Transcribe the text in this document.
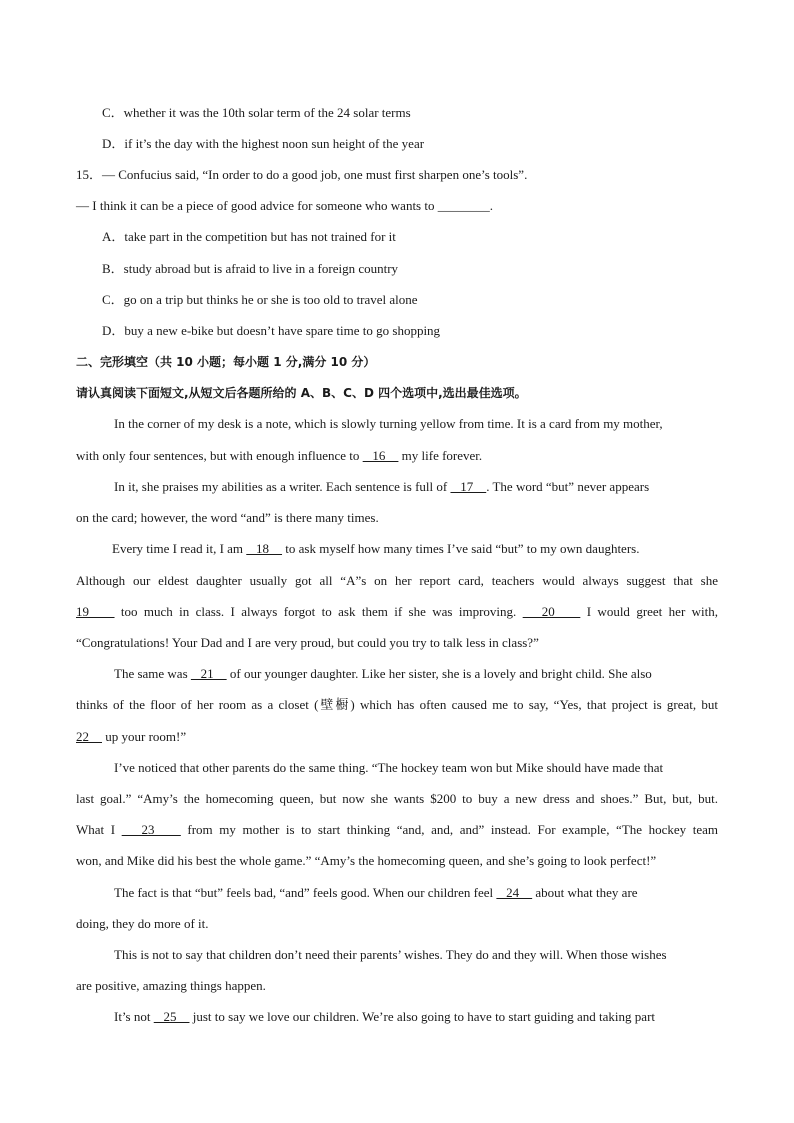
C．whether it was the 10th solar term of the 24 solar terms
D．if it’s the day with the highest noon sun height of the year
15．— Confucius said, “In order to do a good job, one must first sharpen one’s tools”.
— I think it can be a piece of good advice for someone who wants to ________.
A．take part in the competition but has not trained for it
B．study abroad but is afraid to live in a foreign country
C．go on a trip but thinks he or she is too old to travel alone
D．buy a new e-bike but doesn’t have spare time to go shopping
二、完形填空（共 10 小题；每小题 1 分,满分 10 分）
请认真阅读下面短文,从短文后各题所给的 A、B、C、D 四个选项中,选出最佳选项。
In the corner of my desk is a note, which is slowly turning yellow from time. It is a card from my mother,
with only four sentences, but with enough influence to    16     my life forever.
In it, she praises my abilities as a writer. Each sentence is full of    17    . The word “but” never appears
on the card; however, the word “and” is there many times.
Every time I read it, I am    18     to ask myself how many times I’ve said “but” to my own daughters.
Although our eldest daughter usually got all “A”s on her report card, teachers would always suggest that she
19     too much in class. I always forgot to ask them if she was improving.    20     I would greet her with,
“Congratulations! Your Dad and I are very proud, but could you try to talk less in class?”
The same was    21     of our younger daughter. Like her sister, she is a lovely and bright child. She also
thinks of the floor of her room as a closet (壁橱) which has often caused me to say, “Yes, that project is great, but
22     up your room!”
I’ve noticed that other parents do the same thing. “The hockey team won but Mike should have made that
last goal.” “Amy’s the homecoming queen, but now she wants $200 to buy a new dress and shoes.” But, but, but.
What I    23     from my mother is to start thinking “and, and, and” instead. For example, “The hockey team
won, and Mike did his best the whole game.” “Amy’s the homecoming queen, and she’s going to look perfect!”
The fact is that “but” feels bad, “and” feels good. When our children feel    24     about what they are
doing, they do more of it.
This is not to say that children don’t need their parents’ wishes. They do and they will. When those wishes
are positive, amazing things happen.
It’s not    25     just to say we love our children. We’re also going to have to start guiding and taking part
